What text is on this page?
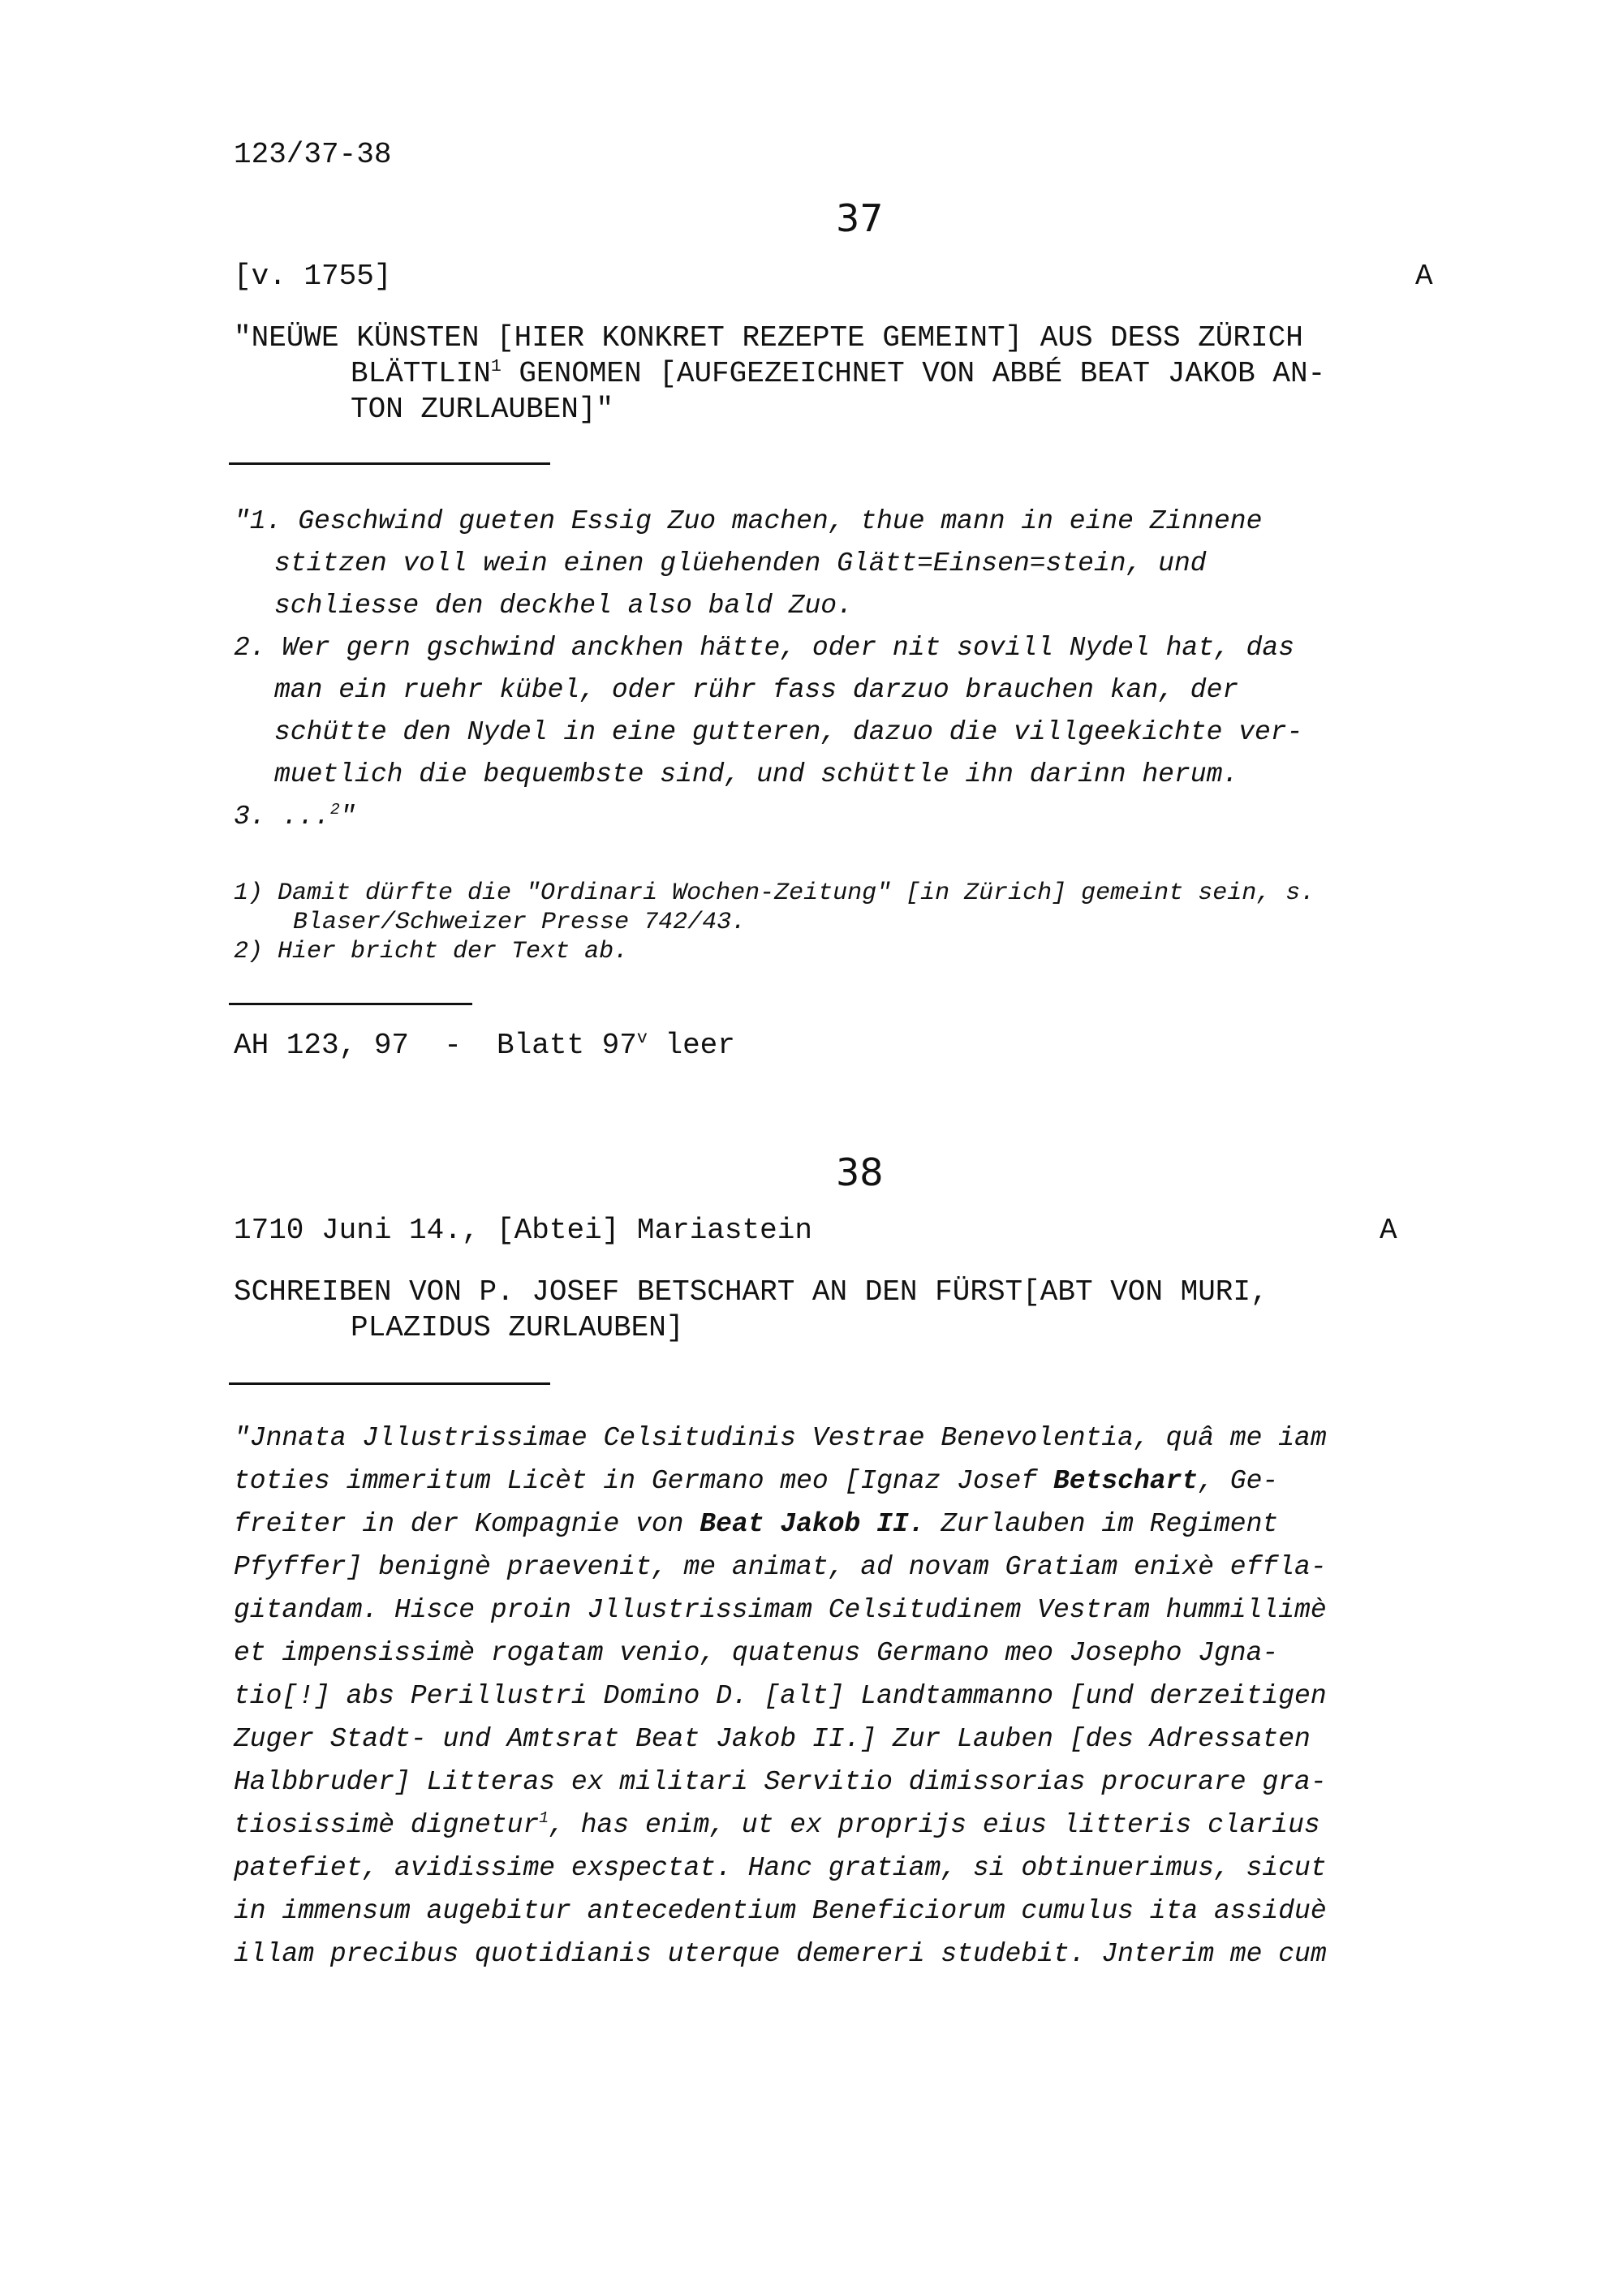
123/37-38
37
[v. 1755]	A
"NEÜWE KÜNSTEN [HIER KONKRET REZEPTE GEMEINT] AUS DESS ZÜRICH
BLÄTTLIN$^1$ GENOMEN [AUFGEZEICHNET VON ABBÉ BEAT JAKOB AN-
TON ZURLAUBEN]"
"1. Geschwind gueten Essig Zuo machen, thue mann in eine Zinnene
stitzen voll wein einen glüehenden Glätt=Einsen=stein, und
schliesse den deckhel also bald Zuo.
2. Wer gern gschwind anckhen hätte, oder nit sovill Nydel hat, das
man ein ruehr kübel, oder rühr fass darzuo brauchen kan, der
schütte den Nydel in eine gutteren, dazuo die villgeekichte ver-
muetlich die bequembste sind, und schüttle ihn darinn herum.
3. ...$^2$"
1) Damit dürfte die "Ordinari Wochen-Zeitung" [in Zürich] gemeint sein, s.
Blaser/Schweizer Presse 742/43.
2) Hier bricht der Text ab.
AH 123, 97  -  Blatt 97$^v$ leer
38
1710 Juni 14., [Abtei] Mariastein	A
SCHREIBEN VON P. JOSEF BETSCHART AN DEN FÜRST[ABT VON MURI,
PLAZIDUS ZURLAUBEN]
"Jnnata Jllustrissimae Celsitudinis Vestrae Benevolentia, quâ me iam
toties immeritum Licèt in Germano meo [Ignaz Josef Betschart, Ge-
freiter in der Kompagnie von Beat Jakob II. Zurlauben im Regiment
Pfyffer] benignè praevenit, me animat, ad novam Gratiam enixè effla-
gitandam. Hisce proin Jllustrissimam Celsitudinem Vestram hummillimè
et impensissimè rogatam venio, quatenus Germano meo Josepho Jgna-
tio[!] abs Perillustri Domino D. [alt] Landtammanno [und derzeitigen
Zuger Stadt- und Amtsrat Beat Jakob II.] Zur Lauben [des Adressaten
Halbbruder] Litteras ex militari Servitio dimissorias procurare gra-
tiosissimè dignetur$^1$, has enim, ut ex proprijs eius litteris clarius
patefiet, avidissime exspectat. Hanc gratiam, si obtinuerimus, sicut
in immensum augebitur antecedentium Beneficiorum cumulus ita assiduè
illam precibus quotidianis uterque demereri studebit. Jnterim me cum
